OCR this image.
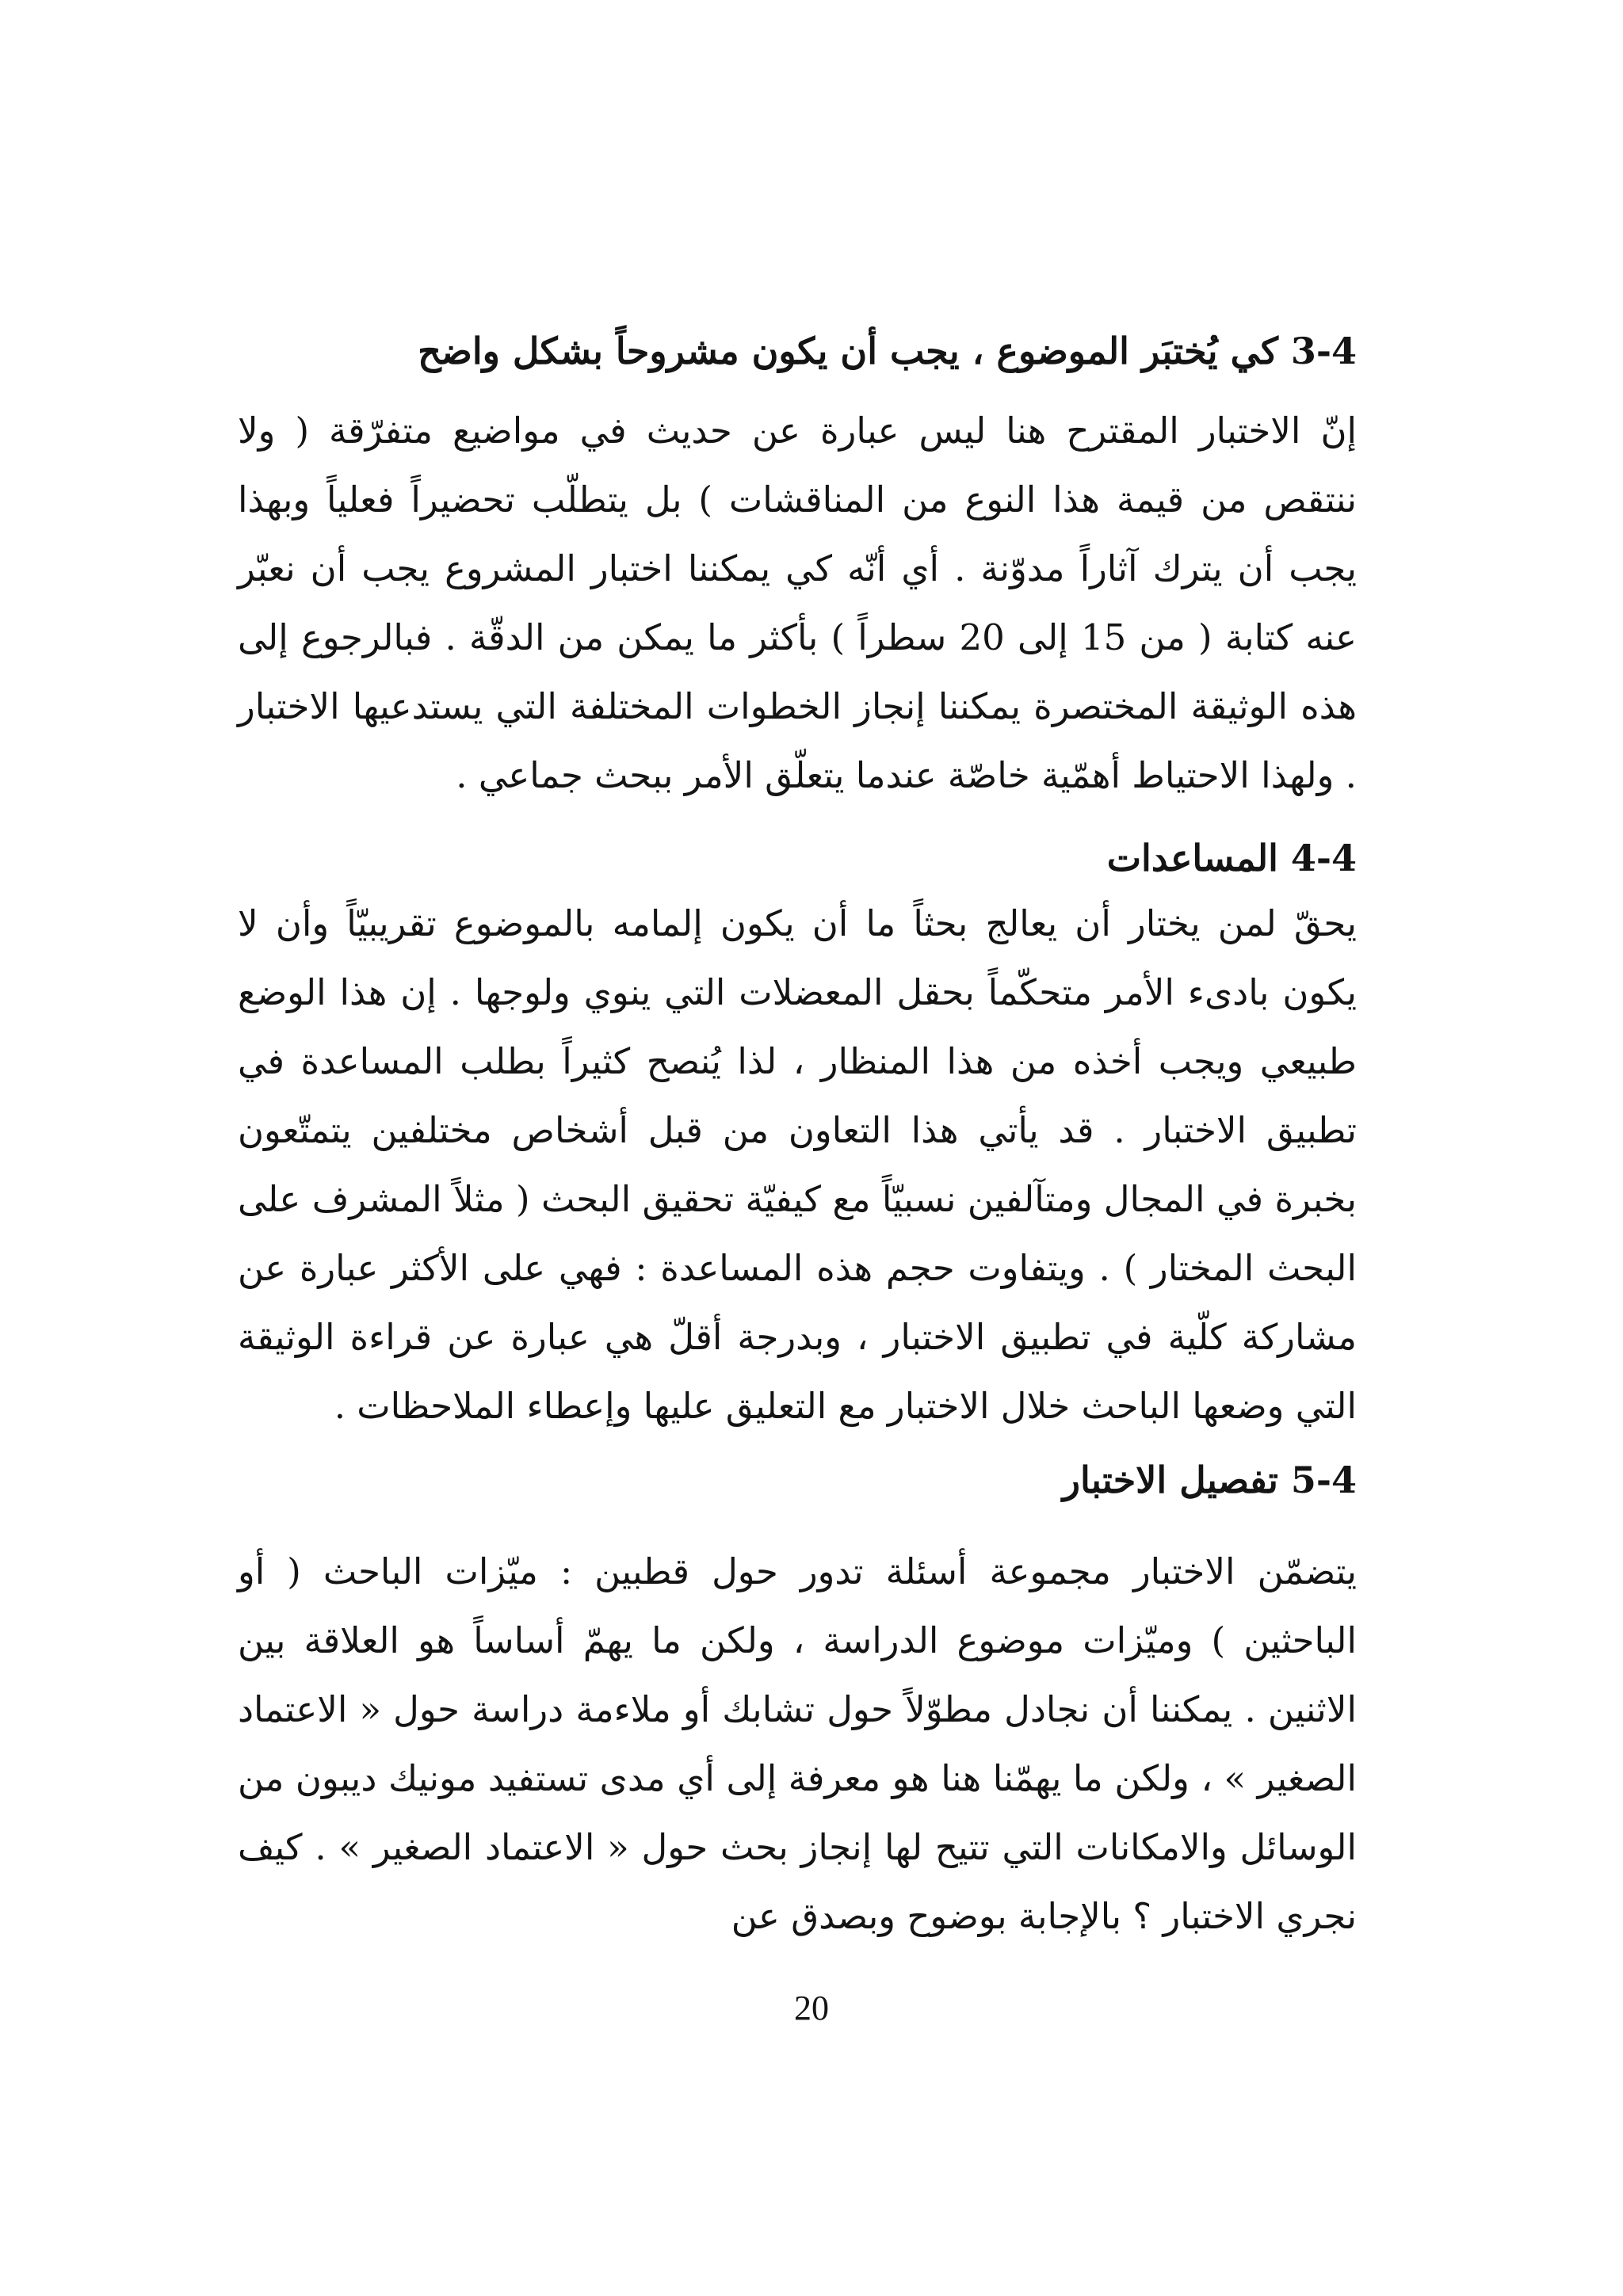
3-4 كي يُختبَر الموضوع ، يجب أن يكون مشروحاً بشكل واضح

إنّ الاختبار المقترح هنا ليس عبارة عن حديث في مواضيع متفرّقة ( ولا ننتقص من قيمة هذا النوع من المناقشات ) بل يتطلّب تحضيراً فعلياً وبهذا يجب أن يترك آثاراً مدوّنة . أي أنّه كي يمكننا اختبار المشروع يجب أن نعبّر عنه كتابة ( من 15 إلى 20 سطراً ) بأكثر ما يمكن من الدقّة . فبالرجوع إلى هذه الوثيقة المختصرة يمكننا إنجاز الخطوات المختلفة التي يستدعيها الاختبار . ولهذا الاحتياط أهمّية خاصّة عندما يتعلّق الأمر ببحث جماعي .

4-4 المساعدات

يحقّ لمن يختار أن يعالج بحثاً ما أن يكون إلمامه بالموضوع تقريبيّاً وأن لا يكون بادىء الأمر متحكّماً بحقل المعضلات التي ينوي ولوجها . إن هذا الوضع طبيعي ويجب أخذه من هذا المنظار ، لذا يُنصح كثيراً بطلب المساعدة في تطبيق الاختبار . قد يأتي هذا التعاون من قبل أشخاص مختلفين يتمتّعون بخبرة في المجال ومتآلفين نسبيّاً مع كيفيّة تحقيق البحث ( مثلاً المشرف على البحث المختار ) . ويتفاوت حجم هذه المساعدة : فهي على الأكثر عبارة عن مشاركة كلّية في تطبيق الاختبار ، وبدرجة أقلّ هي عبارة عن قراءة الوثيقة التي وضعها الباحث خلال الاختبار مع التعليق عليها وإعطاء الملاحظات .

5-4 تفصيل الاختبار

يتضمّن الاختبار مجموعة أسئلة تدور حول قطبين : ميّزات الباحث ( أو الباحثين ) وميّزات موضوع الدراسة ، ولكن ما يهمّ أساساً هو العلاقة بين الاثنين . يمكننا أن نجادل مطوّلاً حول تشابك أو ملاءمة دراسة حول « الاعتماد الصغير » ، ولكن ما يهمّنا هنا هو معرفة إلى أي مدى تستفيد مونيك ديبون من الوسائل والامكانات التي تتيح لها إنجاز بحث حول « الاعتماد الصغير » . كيف نجري الاختبار ؟ بالإجابة بوضوح وبصدق عن

20
